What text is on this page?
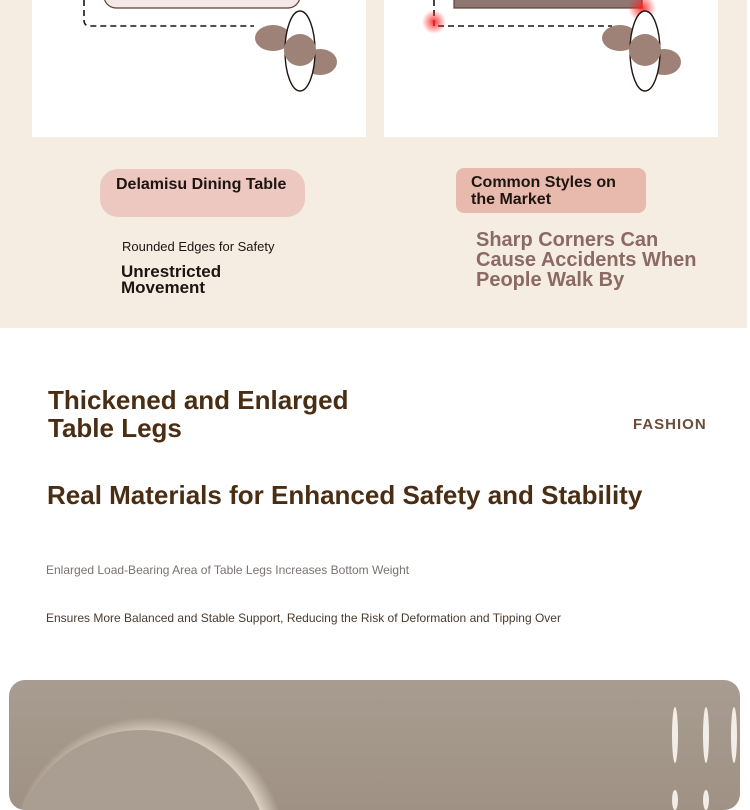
Delamisu Dining Table
Rounded Edges for Safety
Unrestricted Movement
Common Styles on the Market
Sharp Corners Can Cause Accidents When People Walk By
Thickened and Enlarged Table Legs	FASHION
Real Materials for Enhanced Safety and Stability
Enlarged Load-Bearing Area of Table Legs Increases Bottom Weight
Ensures More Balanced and Stable Support, Reducing the Risk of Deformation and Tipping Over
